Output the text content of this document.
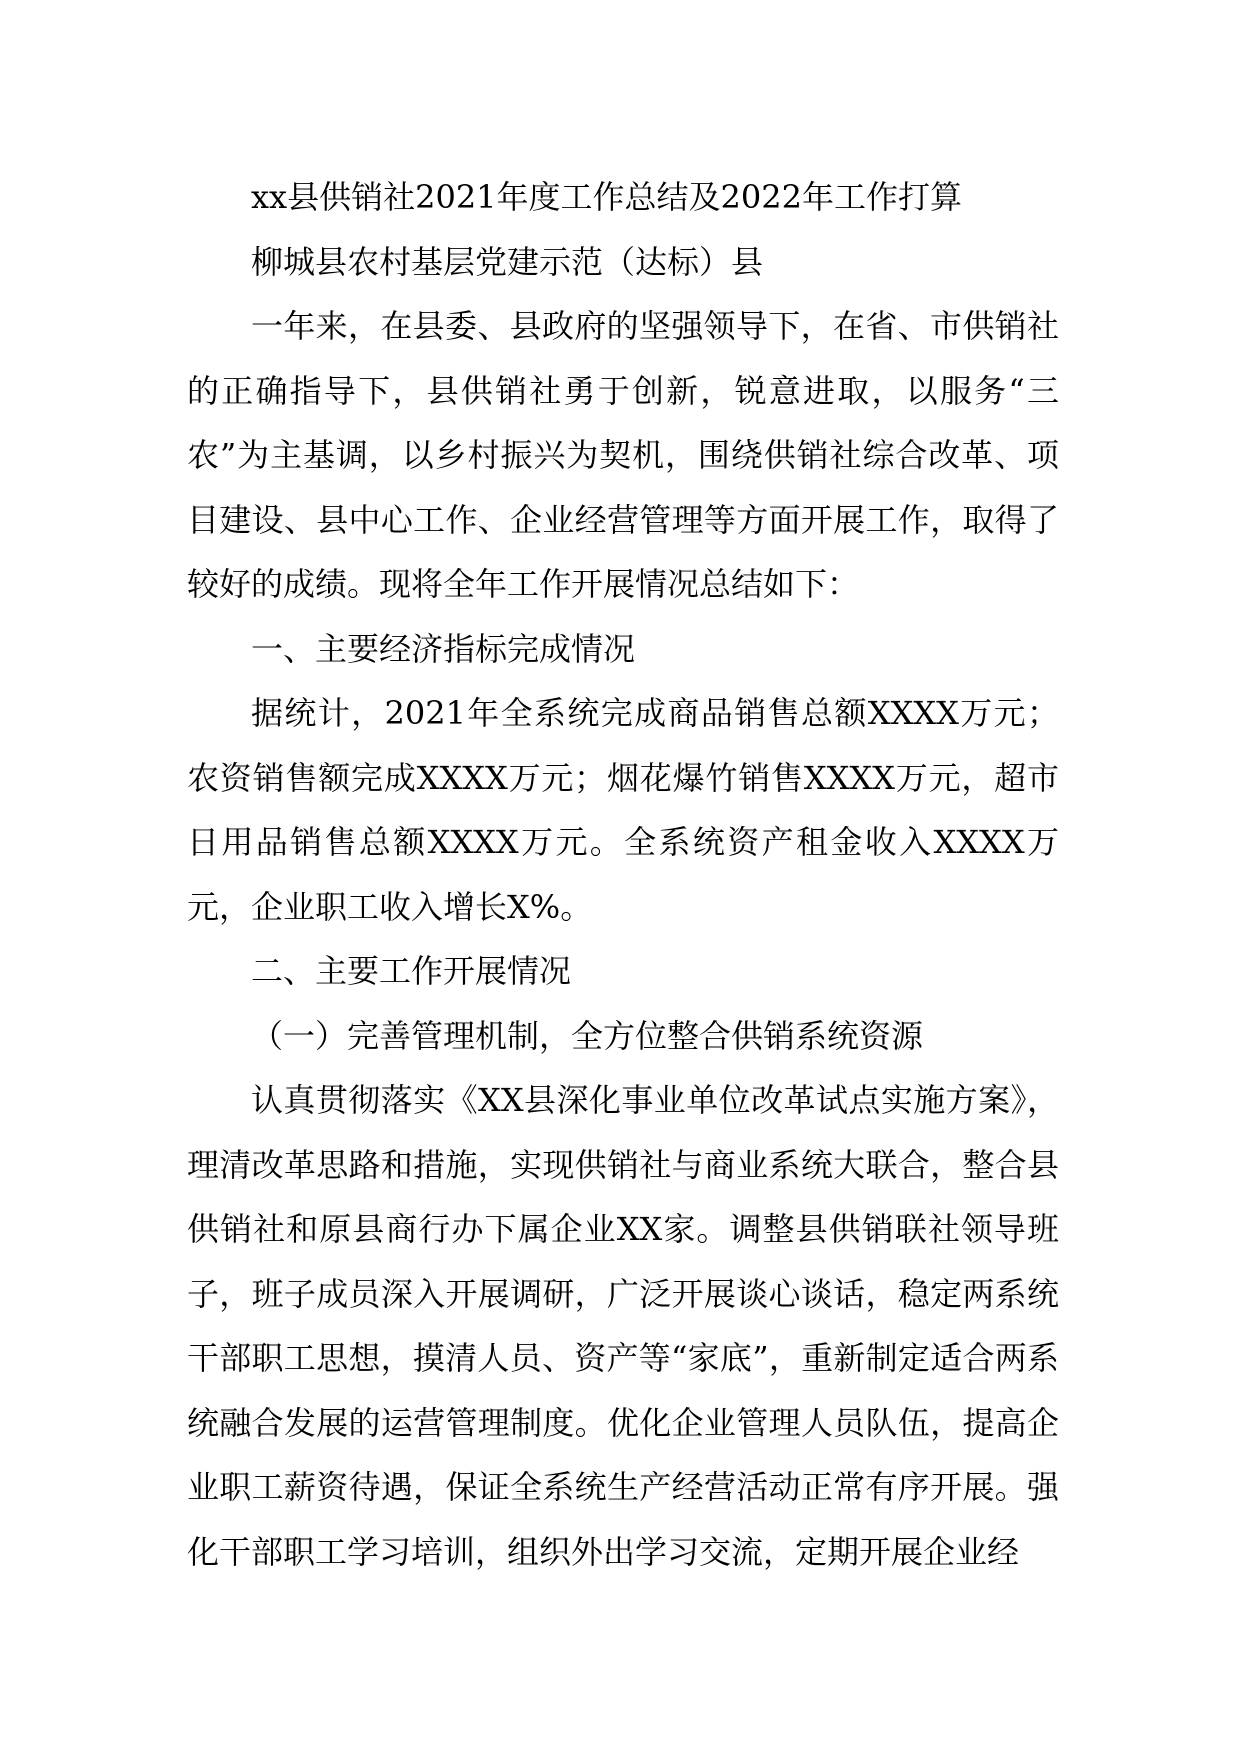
xx县供销社2021年度工作总结及2022年工作打算

柳城县农村基层党建示范（达标）县

一年来，在县委、县政府的坚强领导下，在省、市供销社的正确指导下，县供销社勇于创新，锐意进取，以服务“三农”为主基调，以乡村振兴为契机，围绕供销社综合改革、项目建设、县中心工作、企业经营管理等方面开展工作，取得了较好的成绩。现将全年工作开展情况总结如下：

一、主要经济指标完成情况

据统计，2021年全系统完成商品销售总额XXXX万元；农资销售额完成XXXX万元；烟花爆竹销售XXXX万元，超市日用品销售总额XXXX万元。全系统资产租金收入XXXX万元，企业职工收入增长X%。

二、主要工作开展情况

（一）完善管理机制，全方位整合供销系统资源

认真贯彻落实《XX县深化事业单位改革试点实施方案》，理清改革思路和措施，实现供销社与商业系统大联合，整合县供销社和原县商行办下属企业XX家。调整县供销联社领导班子，班子成员深入开展调研，广泛开展谈心谈话，稳定两系统干部职工思想，摸清人员、资产等“家底”，重新制定适合两系统融合发展的运营管理制度。优化企业管理人员队伍，提高企业职工薪资待遇，保证全系统生产经营活动正常有序开展。强化干部职工学习培训，组织外出学习交流，定期开展企业经
